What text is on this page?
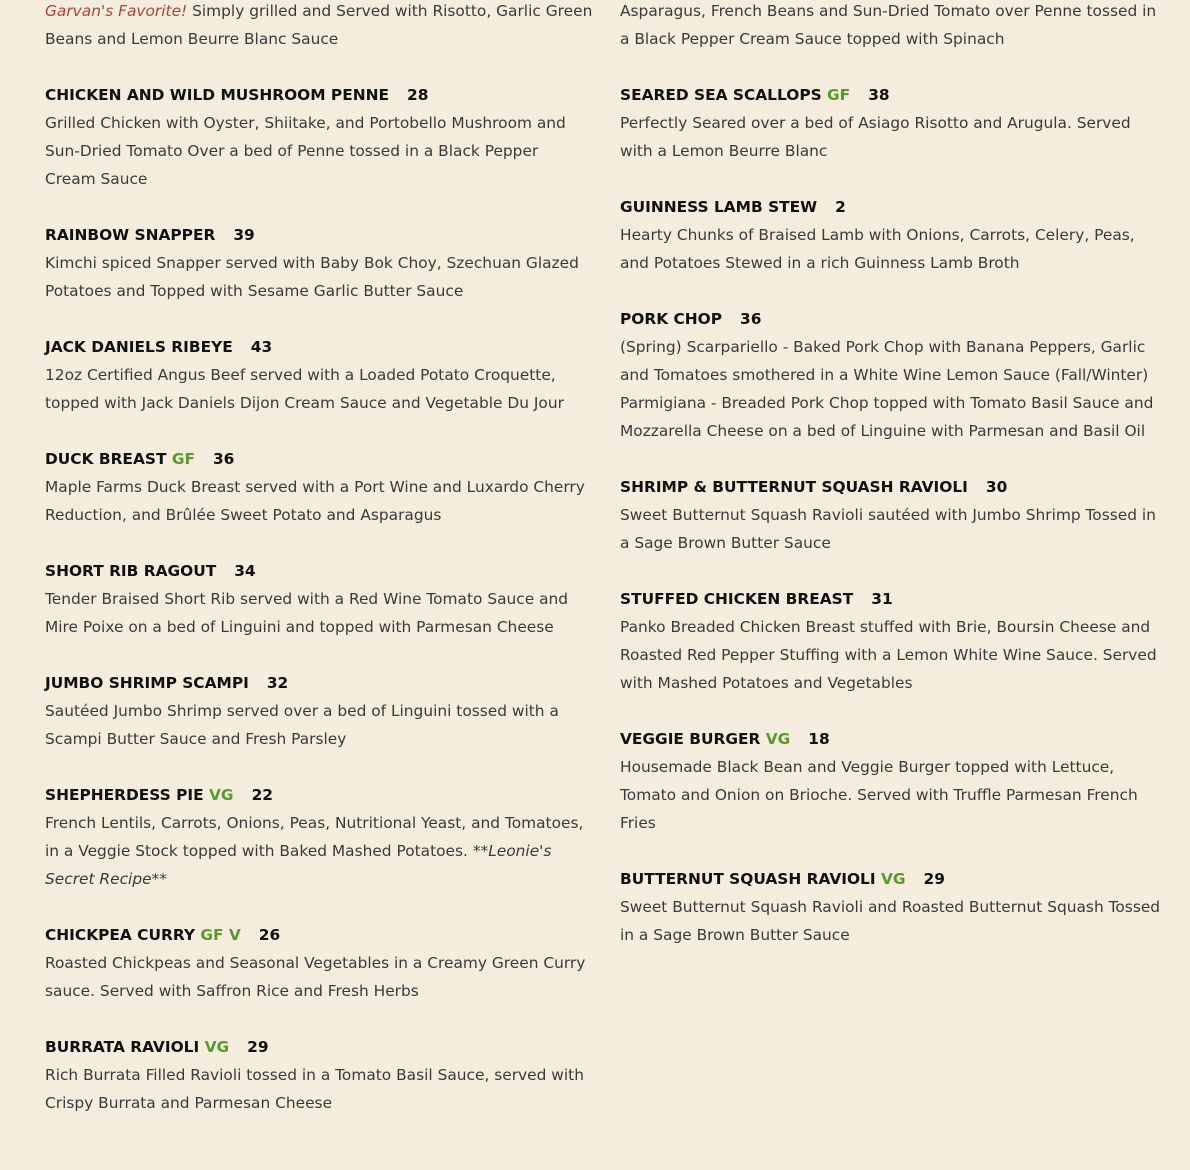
Garvan's Favorite! Simply grilled and Served with Risotto, Garlic Green Beans and Lemon Beurre Blanc Sauce
CHICKEN AND WILD MUSHROOM PENNE 28
Grilled Chicken with Oyster, Shiitake, and Portobello Mushroom and Sun-Dried Tomato Over a bed of Penne tossed in a Black Pepper Cream Sauce
RAINBOW SNAPPER 39
Kimchi spiced Snapper served with Baby Bok Choy, Szechuan Glazed Potatoes and Topped with Sesame Garlic Butter Sauce
JACK DANIELS RIBEYE 43
12oz Certified Angus Beef served with a Loaded Potato Croquette, topped with Jack Daniels Dijon Cream Sauce and Vegetable Du Jour
DUCK BREAST GF 36
Maple Farms Duck Breast served with a Port Wine and Luxardo Cherry Reduction, and Brûlée Sweet Potato and Asparagus
SHORT RIB RAGOUT 34
Tender Braised Short Rib served with a Red Wine Tomato Sauce and Mire Poixe on a bed of Linguini and topped with Parmesan Cheese
JUMBO SHRIMP SCAMPI 32
Sautéed Jumbo Shrimp served over a bed of Linguini tossed with a Scampi Butter Sauce and Fresh Parsley
SHEPHERDESS PIE VG 22
French Lentils, Carrots, Onions, Peas, Nutritional Yeast, and Tomatoes, in a Veggie Stock topped with Baked Mashed Potatoes. **Leonie's Secret Recipe**
CHICKPEA CURRY GF V 26
Roasted Chickpeas and Seasonal Vegetables in a Creamy Green Curry sauce. Served with Saffron Rice and Fresh Herbs
BURRATA RAVIOLI VG 29
Rich Burrata Filled Ravioli tossed in a Tomato Basil Sauce, served with Crispy Burrata and Parmesan Cheese
Asparagus, French Beans and Sun-Dried Tomato over Penne tossed in a Black Pepper Cream Sauce topped with Spinach
SEARED SEA SCALLOPS GF 38
Perfectly Seared over a bed of Asiago Risotto and Arugula. Served with a Lemon Beurre Blanc
GUINNESS LAMB STEW 2
Hearty Chunks of Braised Lamb with Onions, Carrots, Celery, Peas, and Potatoes Stewed in a rich Guinness Lamb Broth
PORK CHOP 36
(Spring) Scarpariello - Baked Pork Chop with Banana Peppers, Garlic and Tomatoes smothered in a White Wine Lemon Sauce (Fall/Winter) Parmigiana - Breaded Pork Chop topped with Tomato Basil Sauce and Mozzarella Cheese on a bed of Linguine with Parmesan and Basil Oil
SHRIMP & BUTTERNUT SQUASH RAVIOLI 30
Sweet Butternut Squash Ravioli sautéed with Jumbo Shrimp Tossed in a Sage Brown Butter Sauce
STUFFED CHICKEN BREAST 31
Panko Breaded Chicken Breast stuffed with Brie, Boursin Cheese and Roasted Red Pepper Stuffing with a Lemon White Wine Sauce. Served with Mashed Potatoes and Vegetables
VEGGIE BURGER VG 18
Housemade Black Bean and Veggie Burger topped with Lettuce, Tomato and Onion on Brioche. Served with Truffle Parmesan French Fries
BUTTERNUT SQUASH RAVIOLI VG 29
Sweet Butternut Squash Ravioli and Roasted Butternut Squash Tossed in a Sage Brown Butter Sauce
